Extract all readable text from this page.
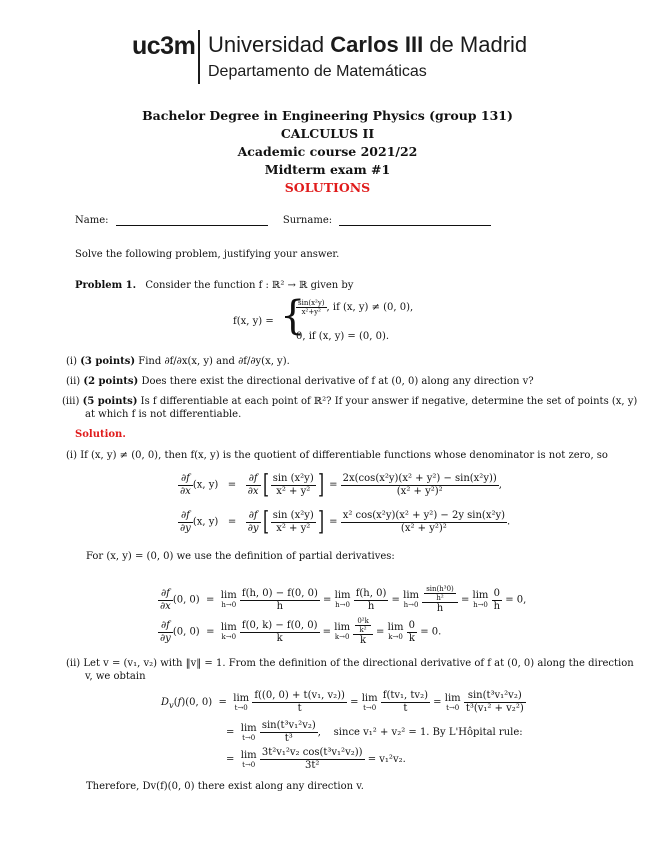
uc3m Universidad Carlos III de Madrid
Departamento de Matemáticas
Bachelor Degree in Engineering Physics (group 131)
CALCULUS II
Academic course 2021/22
Midterm exam #1
SOLUTIONS
Name:	Surname:
Solve the following problem, justifying your answer.
Problem 1. Consider the function f : ℝ² → ℝ given by
f(x, y) = {
$\frac{\text{sin(x²y)}}{\text{x²+y²}}$ , if (x, y) ≠ (0, 0),
0, if (x, y) = (0, 0).
(i) (3 points) Find ∂f/∂x(x, y) and ∂f/∂y(x, y).
(ii) (2 points) Does there exist the directional derivative of f at (0, 0) along any direction v?
(iii) (5 points) Is f differentiable at each point of ℝ²? If your answer if negative, determine the set of points (x, y)
at which f is not differentiable.
Solution.
(i) If (x, y) ≠ (0, 0), then f(x, y) is the quotient of differentiable functions whose denominator is not zero, so
$\frac{\partial f}{\partial x} (x$, $y) = \frac{\partial f}{\partial x}$ [ $\frac{\text{sin (x²y)}}{\text{x² + y²}}$ ] = $\frac{\text{2x(cos(x²y)(x² + y²) − sin(x²y))}}{\text{(x² + y²)²}}$ ,
$\frac{\partial f}{\partial y} (x$, $y) = \frac{\partial f}{\partial y}$ [ $\frac{\text{sin (x²y)}}{\text{x² + y²}}$ ] = $\frac{\text{x² cos(x²y)(x² + y²) − 2y sin(x²y)}}{\text{(x² + y²)²}}$ .
For (x, y) = (0, 0) we use the definition of partial derivatives:
$\frac{\partial f}{\partial x} (0$, 0)  =  lim
h→0
$\frac{f(h, 0) - f(0, 0)}{h} = \lim$
h→0
$\frac{f(h, 0)}{h} = \lim$
h→0
$\frac{\frac{\text{sin(h³0)}}{\text{h²}}}{h} = \lim$
h→0
$\frac{0}{h} = 0$,
$\frac{\partial f}{\partial y} (0$, 0)  =  lim
k→0
$\frac{f(0, k) - f(0, 0)}{k} = \lim$
k→0
$\frac{\frac{\text{0²k}}{\text{k²}}}{k} = \lim$
k→0
$\frac{0}{k} = 0$.
(ii) Let v = (v₁, v₂) with ‖v‖ = 1. From the definition of the directional derivative of f at (0, 0) along the direction
v, we obtain
$D_v(f)(0$, 0)  =  lim
t→0
$\frac{\text{f((0, 0) + t(v₁, v₂))}}{t} = \lim$
t→0
$\frac{\text{f(tv₁, tv₂)}}{t} = \lim$
t→0
$\frac{\text{sin(t³v₁²v₂)}}{\text{t³(v₁² + v₂²)}}$
=  lim
t→0
$\frac{\text{sin(t³v₁²v₂)}}{\text{t³}}$ ,    since v₁² + v₂² = 1. By L'Hôpital rule:
=  lim
t→0
$\frac{\text{3t²v₁²v₂ cos(t³v₁²v₂))}}{\text{3t²}} = v_1^2v_2$.
Therefore, Dv(f)(0, 0) there exist along any direction v.
